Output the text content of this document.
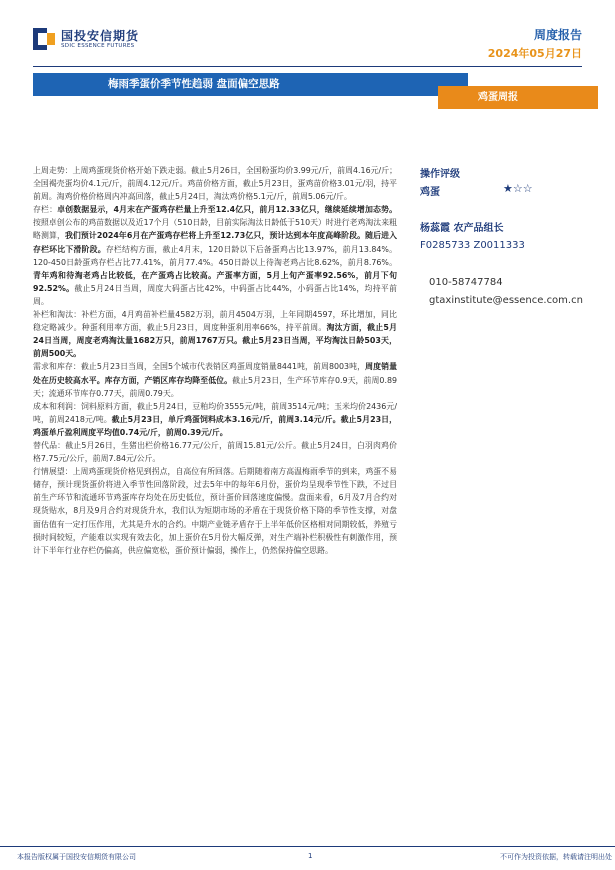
国投安信期货
SDIC ESSENCE FUTURES
周度报告
2024年05月27日
梅雨季蛋价季节性趋弱 盘面偏空思路
鸡蛋周报

上周走势：上周鸡蛋现货价格开始下跌走弱。截止5月26日，全国粉蛋均价3.99元/斤，前周4.16元/斤；全国褐壳蛋均价4.1元/斤，前周4.12元/斤。鸡苗价格方面，截止5月23日，蛋鸡苗价格3.01元/羽，持平前周。淘鸡价格价格周内冲高回落，截止5月24日，淘汰鸡价格5.1元/斤，前周5.06元/斤。

存栏：卓创数据显示，4月末在产蛋鸡存栏量上升至12.4亿只，前月12.33亿只，继续延续增加态势。按照卓创公布的鸡苗数据以及近17个月（510日龄，目前实际淘汰日龄低于510天）时进行老鸡淘汰来粗略测算，我们预计2024年6月在产蛋鸡存栏将上升至12.73亿只，预计达到本年度高峰阶段。随后进入存栏环比下滑阶段。存栏结构方面，截止4月末，120日龄以下后备蛋鸡占比13.97%，前月13.84%。120-450日龄蛋鸡存栏占比77.41%，前月77.4%。450日龄以上待淘老鸡占比8.62%，前月8.76%。青年鸡和待淘老鸡占比较低，在产蛋鸡占比较高。产蛋率方面，5月上旬产蛋率92.56%，前月下旬92.52%。截止5月24日当周，周度大码蛋占比42%，中码蛋占比44%，小码蛋占比14%，均持平前周。

补栏和淘汰：补栏方面，4月鸡苗补栏量4582万羽，前月4504万羽，上年同期4597，环比增加，同比稳定略减少。种蛋利用率方面，截止5月23日，周度种蛋利用率66%，持平前周。淘汰方面，截止5月24日当周，周度老鸡淘汰量1682万只，前周1767万只。截止5月23日当周，平均淘汰日龄503天，前周500天。

需求和库存：截止5月23日当周，全国5个城市代表销区鸡蛋周度销量8441吨，前周8003吨，周度销量处在历史较高水平。库存方面，产销区库存均降至低位。截止5月23日，生产环节库存0.9天，前周0.89天；流通环节库存0.77天，前周0.79天。

成本和利润：饲料原料方面，截止5月24日，豆粕均价3555元/吨，前周3514元/吨；玉米均价2436元/吨，前周2418元/吨。截止5月23日，单斤鸡蛋饲料成本3.16元/斤，前周3.14元/斤。截止5月23日，鸡蛋单斤盈利周度平均值0.74元/斤，前周0.39元/斤。

替代品：截止5月26日，生猪出栏价格16.77元/公斤，前周15.81元/公斤。截止5月24日，白羽肉鸡价格7.75元/公斤，前周7.84元/公斤。

行情展望：上周鸡蛋现货价格见到拐点，自高位有所回落。后期随着南方高温梅雨季节的到来，鸡蛋不易储存，预计现货蛋价将进入季节性回落阶段，过去5年中的每年6月份，蛋价均呈现季节性下跌，不过目前生产环节和流通环节鸡蛋库存均处在历史低位，预计蛋价回落速度偏慢。盘面来看，6月及7月合约对现货贴水，8月及9月合约对现货升水，我们认为短期市场的矛盾在于现货价格下降的季节性支撑，对盘面估值有一定打压作用，尤其是升水的合约。中期产业链矛盾存于上半年低价区格相对同期较低，养殖亏损时间较短，产能难以实现有效去化，加上蛋价在5月份大幅反弹，对生产端补栏积极性有刺激作用，预计下半年行业存栏仍偏高，供应偏宽松，蛋价预计偏弱，操作上，仍然保持偏空思路。

操作评级
鸡蛋	★☆☆
杨蕊霞 农产品组长
F0285733 Z0011333
010-58747784
gtaxinstitute@essence.com.cn
本报告版权属于国投安信期货有限公司	1	不可作为投资依据，转载请注明出处
